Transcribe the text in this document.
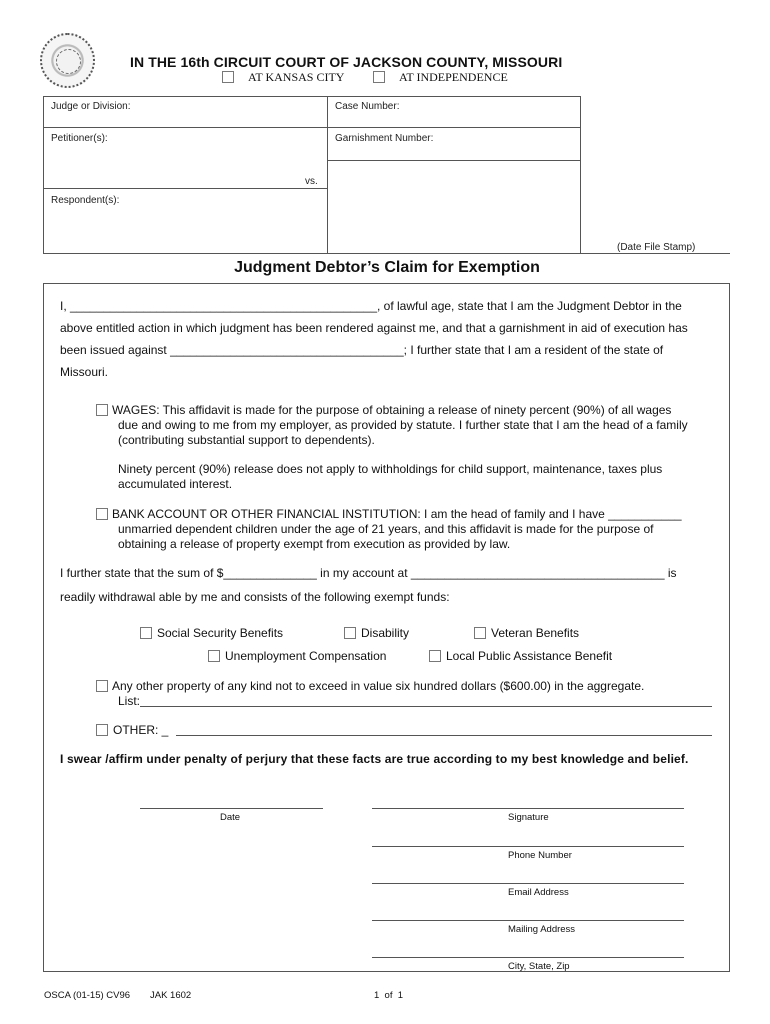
IN THE 16th CIRCUIT COURT OF JACKSON COUNTY, MISSOURI
AT KANSAS CITY	AT INDEPENDENCE
Judge or Division:	Case Number:
Petitioner(s):	Garnishment Number:
vs.
Respondent(s):
(Date File Stamp)
Judgment Debtor’s Claim for Exemption
I, ______________________________________________, of lawful age, state that I am the Judgment Debtor in the
above entitled action in which judgment has been rendered against me, and that a garnishment in aid of execution has
been issued against ___________________________________; I further state that I am a resident of the state of
Missouri.
WAGES: This affidavit is made for the purpose of obtaining a release of ninety percent (90%) of all wages
due and owing to me from my employer, as provided by statute. I further state that I am the head of a family
(contributing substantial support to dependents).
Ninety percent (90%) release does not apply to withholdings for child support, maintenance, taxes plus
accumulated interest.
BANK ACCOUNT OR OTHER FINANCIAL INSTITUTION: I am the head of family and I have ___________
unmarried dependent children under the age of 21 years, and this affidavit is made for the purpose of
obtaining a release of property exempt from execution as provided by law.
I further state that the sum of $______________ in my account at ______________________________________ is
readily withdrawal able by me and consists of the following exempt funds:
Social Security Benefits	Disability	Veteran Benefits
Unemployment Compensation	Local Public Assistance Benefit
Any other property of any kind not to exceed in value six hundred dollars ($600.00) in the aggregate.
List:
OTHER: _
I swear /affirm under penalty of perjury that these facts are true according to my best knowledge and belief.
Date	Signature
Phone Number
Email Address
Mailing Address
City, State, Zip
OSCA (01-15) CV96 JAK 1602	1  of  1
